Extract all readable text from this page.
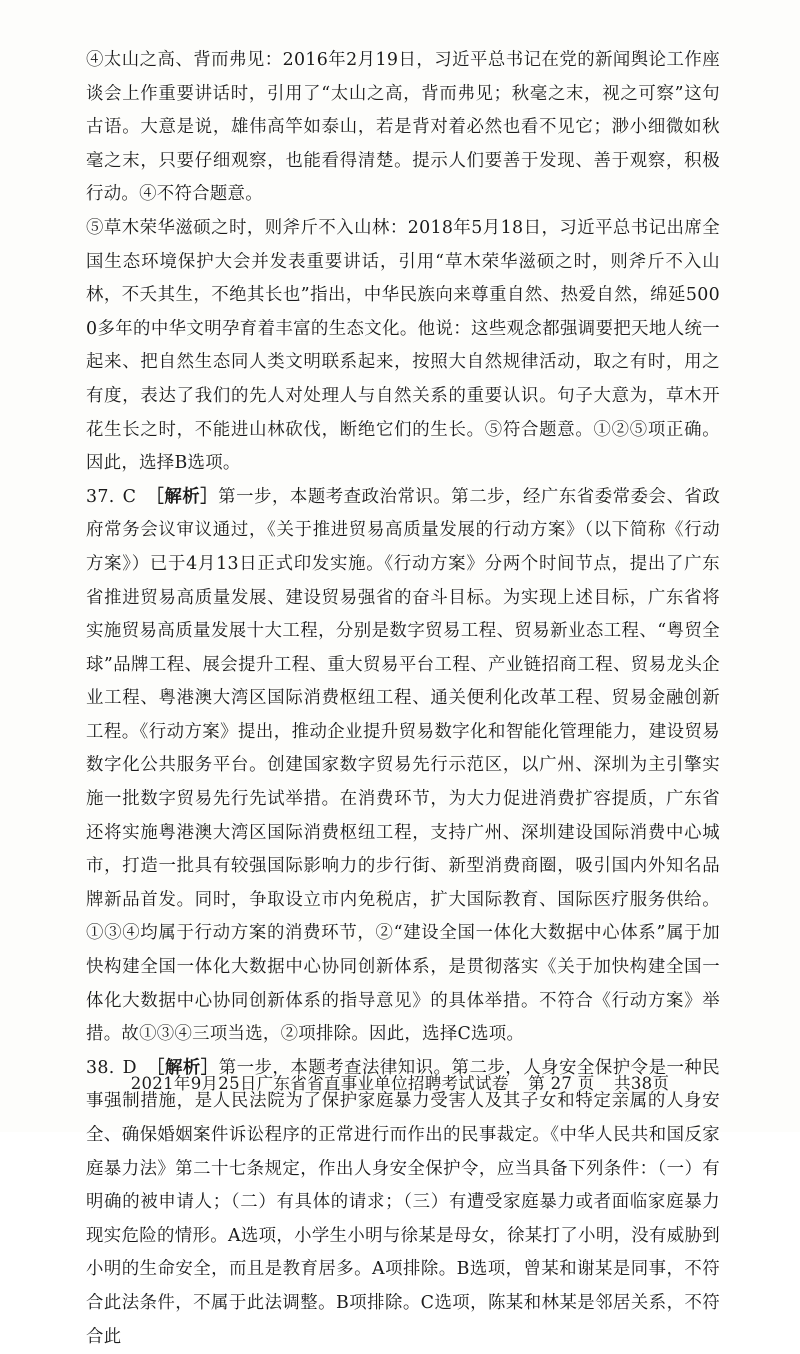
④太山之高、背而弗见：2016年2月19日，习近平总书记在党的新闻舆论工作座谈会上作重要讲话时，引用了“太山之高，背而弗见；秋毫之末，视之可察”这句古语。大意是说，雄伟高竿如泰山，若是背对着必然也看不见它；渺小细微如秋毫之末，只要仔细观察，也能看得清楚。提示人们要善于发现、善于观察，积极行动。④不符合题意。

⑤草木荣华滋硕之时，则斧斤不入山林：2018年5月18日，习近平总书记出席全国生态环境保护大会并发表重要讲话，引用“草木荣华滋硕之时，则斧斤不入山林，不夭其生，不绝其长也”指出，中华民族向来尊重自然、热爱自然，绵延5000多年的中华文明孕育着丰富的生态文化。他说：这些观念都强调要把天地人统一起来、把自然生态同人类文明联系起来，按照大自然规律活动，取之有时，用之有度，表达了我们的先人对处理人与自然关系的重要认识。句子大意为，草木开花生长之时，不能进山林砍伐，断绝它们的生长。⑤符合题意。①②⑤项正确。因此，选择B选项。

37. C ［解析］第一步，本题考查政治常识。第二步，经广东省委常委会、省政府常务会议审议通过，《关于推进贸易高质量发展的行动方案》（以下简称《行动方案》）已于4月13日正式印发实施。《行动方案》分两个时间节点，提出了广东省推进贸易高质量发展、建设贸易强省的奋斗目标。为实现上述目标，广东省将实施贸易高质量发展十大工程，分别是数字贸易工程、贸易新业态工程、“粤贸全球”品牌工程、展会提升工程、重大贸易平台工程、产业链招商工程、贸易龙头企业工程、粤港澳大湾区国际消费枢纽工程、通关便利化改革工程、贸易金融创新工程。《行动方案》提出，推动企业提升贸易数字化和智能化管理能力，建设贸易数字化公共服务平台。创建国家数字贸易先行示范区，以广州、深圳为主引擎实施一批数字贸易先行先试举措。在消费环节，为大力促进消费扩容提质，广东省还将实施粤港澳大湾区国际消费枢纽工程，支持广州、深圳建设国际消费中心城市，打造一批具有较强国际影响力的步行街、新型消费商圈，吸引国内外知名品牌新品首发。同时，争取设立市内免税店，扩大国际教育、国际医疗服务供给。①③④均属于行动方案的消费环节，②“建设全国一体化大数据中心体系”属于加快构建全国一体化大数据中心协同创新体系，是贯彻落实《关于加快构建全国一体化大数据中心协同创新体系的指导意见》的具体举措。不符合《行动方案》举措。故①③④三项当选，②项排除。因此，选择C选项。

38. D ［解析］第一步，本题考查法律知识。第二步，人身安全保护令是一种民事强制措施，是人民法院为了保护家庭暴力受害人及其子女和特定亲属的人身安全、确保婚姻案件诉讼程序的正常进行而作出的民事裁定。《中华人民共和国反家庭暴力法》第二十七条规定，作出人身安全保护令，应当具备下列条件：（一）有明确的被申请人；（二）有具体的请求；（三）有遭受家庭暴力或者面临家庭暴力现实危险的情形。A选项，小学生小明与徐某是母女，徐某打了小明，没有威胁到小明的生命安全，而且是教育居多。A项排除。B选项，曾某和谢某是同事，不符合此法条件，不属于此法调整。B项排除。C选项，陈某和林某是邻居关系，不符合此

2021年9月25日广东省省直事业单位招聘考试试卷 第 27 页 共38页
